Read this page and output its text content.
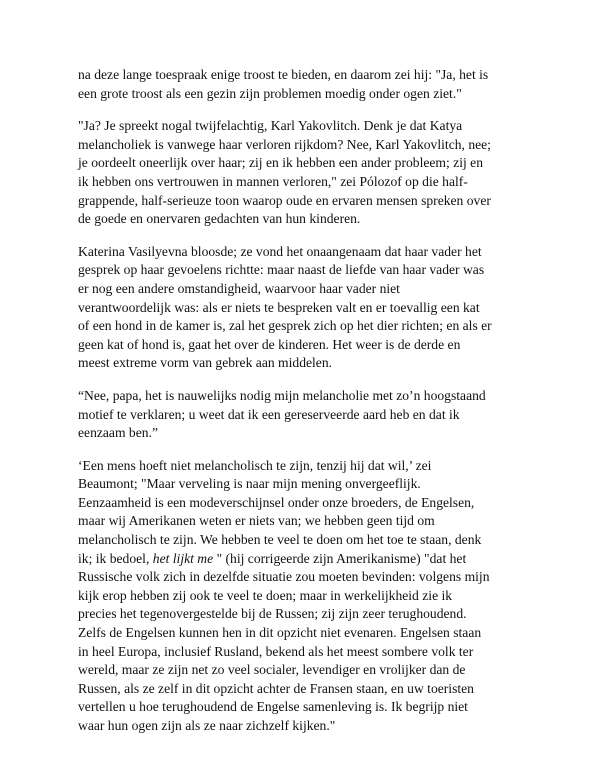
na deze lange toespraak enige troost te bieden, en daarom zei hij: "Ja, het is
een grote troost als een gezin zijn problemen moedig onder ogen ziet."

"Ja? Je spreekt nogal twijfelachtig, Karl Yakovlitch. Denk je dat Katya
melancholiek is vanwege haar verloren rijkdom? Nee, Karl Yakovlitch, nee;
je oordeelt oneerlijk over haar; zij en ik hebben een ander probleem; zij en
ik hebben ons vertrouwen in mannen verloren," zei Pólozof op die half-
grappende, half-serieuze toon waarop oude en ervaren mensen spreken over
de goede en onervaren gedachten van hun kinderen.

Katerina Vasilyevna bloosde; ze vond het onaangenaam dat haar vader het
gesprek op haar gevoelens richtte: maar naast de liefde van haar vader was
er nog een andere omstandigheid, waarvoor haar vader niet
verantwoordelijk was: als er niets te bespreken valt en er toevallig een kat
of een hond in de kamer is, zal het gesprek zich op het dier richten; en als er
geen kat of hond is, gaat het over de kinderen. Het weer is de derde en
meest extreme vorm van gebrek aan middelen.

“Nee, papa, het is nauwelijks nodig mijn melancholie met zo’n hoogstaand
motief te verklaren; u weet dat ik een gereserveerde aard heb en dat ik
eenzaam ben.”

‘Een mens hoeft niet melancholisch te zijn, tenzij hij dat wil,’ zei
Beaumont; "Maar verveling is naar mijn mening onvergeeflijk.
Eenzaamheid is een modeverschijnsel onder onze broeders, de Engelsen,
maar wij Amerikanen weten er niets van; we hebben geen tijd om
melancholisch te zijn. We hebben te veel te doen om het toe te staan, denk
ik; ik bedoel, het lijkt me " (hij corrigeerde zijn Amerikanisme) "dat het
Russische volk zich in dezelfde situatie zou moeten bevinden: volgens mijn
kijk erop hebben zij ook te veel te doen; maar in werkelijkheid zie ik
precies het tegenovergestelde bij de Russen; zij zijn zeer terughoudend.
Zelfs de Engelsen kunnen hen in dit opzicht niet evenaren. Engelsen staan
in heel Europa, inclusief Rusland, bekend als het meest sombere volk ter
wereld, maar ze zijn net zo veel socialer, levendiger en vrolijker dan de
Russen, als ze zelf in dit opzicht achter de Fransen staan, en uw toeristen
vertellen u hoe terughoudend de Engelse samenleving is. Ik begrijp niet
waar hun ogen zijn als ze naar zichzelf kijken."
